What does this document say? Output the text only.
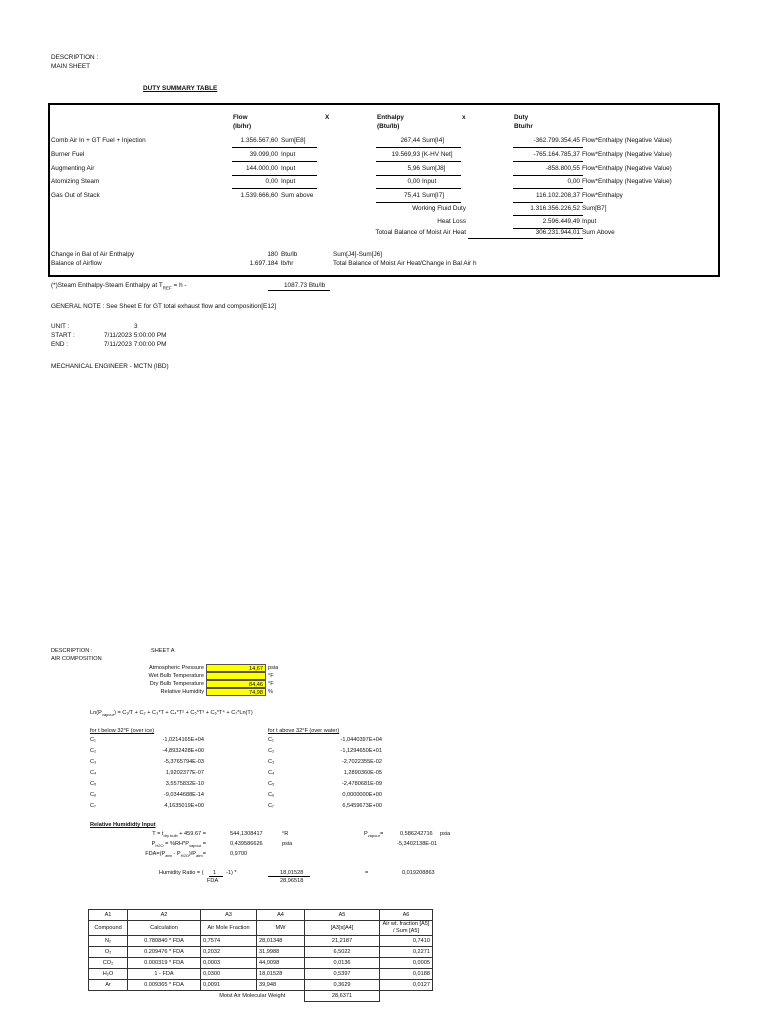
DESCRIPTION :
MAIN SHEET
DUTY SUMMARY TABLE
Flow
(lb/hr)
X	Enthalpy
(Btu/lb)
x	Duty
Btu/hr
Comb Air In + GT Fuel + Injection	1.356.567,60 Sum[E8]	267,44 Sum[I4]	-362.799.354,45 Flow*Enthalpy (Negative Value)
Burner Fuel	39.099,00 Input	19.569,93 [K-HV Net]	-765.164.785,37 Flow*Enthalpy (Negative Value)
Augmenting Air	144.000,00 Input	5,96 Sum[J8]	-858.800,55 Flow*Enthalpy (Negative Value)
Atomizing Steam	0,00 Input	0,00 Input	0,00 Flow*Enthalpy (Negative Value)
Gas Out of Stack	1.539.666,60 Sum above	75,41 Sum[I7]	116.102.208,37 Flow*Enthalpy
Working Fluid Duty	1.316.356.226,52 Sum[B7]
Heat Loss	2.596.449,49 Input
Totoal Balance of Moist Air Heat	306.231.944,01 Sum Above
Change in Bal of Air Enthalpy	180 Btu/lb	Sum[J4]-Sum[J6]
Balance of Airflow	1.697.184 lb/hr	Total Balance of Moist Air Heat/Change in Bal Air h
(*)Steam Enthalpy-Steam Enthalpy at $T_{REF} = h$ -	1087.73 Btu/lb
GENERAL NOTE : See Sheet E for GT total exhaust flow and composition[E12]
UNIT :	3
START :	7/11/2023 5:00:00 PM
END :	7/11/2023 7:00:00 PM
MECHANICAL ENGINEER - MCTN (IBD)
DESCRIPTION :	SHEET A
AIR COMPOSITION
Atmospheric Pressure	14,67 psia
Wet Bulb Temperature	°F
Dry Bulb Temperature	84,46 °F
Relative Humidity	74,98 %
$Ln(P_{vapour}) = C_1/T + C_2 + C_3*T + C_4*T^2 + C_5*T^3 + C_6*T^4 + C_7*Ln(T)$
for t below 32°F (over ice)	for t above 32°F (over water)
C₁	-1,0214165E+04	C₁	-1,0440397E+04
C₂	-4,8932428E+00	C₂	-1,1294650E+01
C₃	-5,3765794E-03	C₃	-2,7022355E-02
C₄	1,9202377E-07	C₄	1,2890360E-05
C₅	3,5575832E-10	C₅	-2,4780681E-09
C₆	-9,0344688E-14	C₆	0,0000000E+00
C₇	4,1635019E+00	C₇	6,5459673E+00
Relative Humididty Input
$T = t_{dry bulb} + 459.67$ =	544,1308417	°R
$P_{H2O} = \%RH*P_{vapour}$ =	0,439586626	psia
$FDA=(P_{atm} - P_{H2O})/P_{atm}=$	0,9700
$P_{vapour}=$	0,586242716 psia
-5,3402138E-01
Humidity Ratio = ( 1 -1) *
FDA
18,01528
28,96518
=	0,019208863
A1	A2	A3	A4	A5	A6
Compound	Calculation	Air Mole Fraction	MW	[A3]x[A4]	Air wt. fraction [A5] / Sum [A5]
N₂	0.780840 * FDA	0,7574	28,01348	21,2187	0,7410
O₂	0.209476 * FDA	0,2032	31,9988	6,5022	0,2271
CO₂	0.000319 * FDA	0,0003	44,0098	0,0136	0,0005
H₂O	1 - FDA	0,0300	18,01528	0,5397	0,0188
Ar	0.009365 * FDA	0,0091	39,948	0,3629	0,0127
		Moist Air Molecular Weight		28,6371	
